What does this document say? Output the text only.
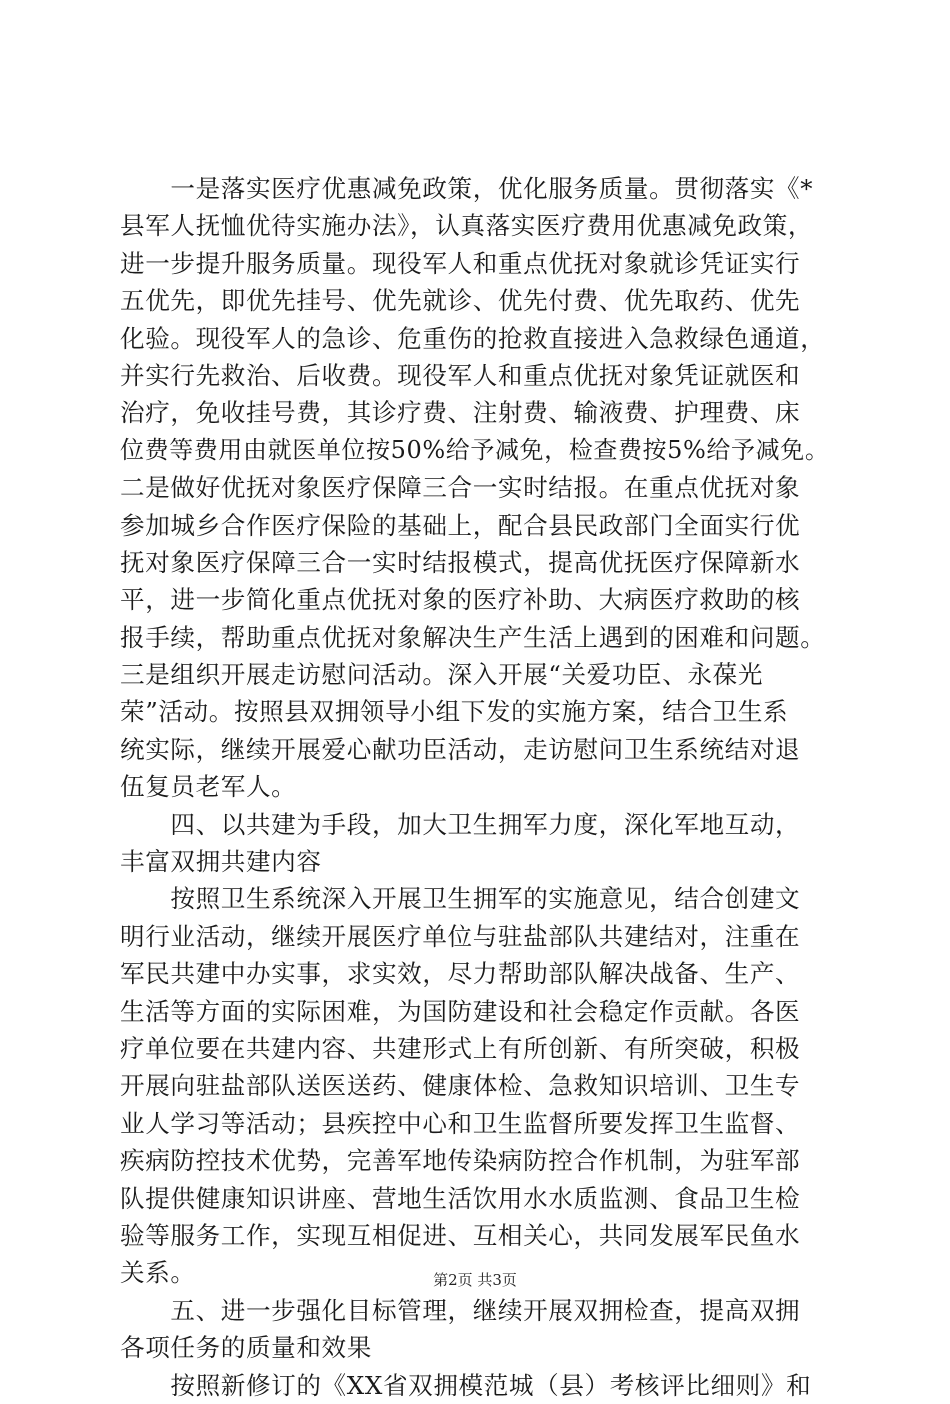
　　一是落实医疗优惠减免政策，优化服务质量。贯彻落实《*
县军人抚恤优待实施办法》，认真落实医疗费用优惠减免政策，
进一步提升服务质量。现役军人和重点优抚对象就诊凭证实行
五优先，即优先挂号、优先就诊、优先付费、优先取药、优先
化验。现役军人的急诊、危重伤的抢救直接进入急救绿色通道，
并实行先救治、后收费。现役军人和重点优抚对象凭证就医和
治疗，免收挂号费，其诊疗费、注射费、输液费、护理费、床
位费等费用由就医单位按50%给予减免，检查费按5%给予减免。
二是做好优抚对象医疗保障三合一实时结报。在重点优抚对象
参加城乡合作医疗保险的基础上，配合县民政部门全面实行优
抚对象医疗保障三合一实时结报模式，提高优抚医疗保障新水
平，进一步简化重点优抚对象的医疗补助、大病医疗救助的核
报手续，帮助重点优抚对象解决生产生活上遇到的困难和问题。
三是组织开展走访慰问活动。深入开展“关爱功臣、永葆光
荣”活动。按照县双拥领导小组下发的实施方案，结合卫生系
统实际，继续开展爱心献功臣活动，走访慰问卫生系统结对退
伍复员老军人。
　　四、以共建为手段，加大卫生拥军力度，深化军地互动，
丰富双拥共建内容
　　按照卫生系统深入开展卫生拥军的实施意见，结合创建文
明行业活动，继续开展医疗单位与驻盐部队共建结对，注重在
军民共建中办实事，求实效，尽力帮助部队解决战备、生产、
生活等方面的实际困难，为国防建设和社会稳定作贡献。各医
疗单位要在共建内容、共建形式上有所创新、有所突破，积极
开展向驻盐部队送医送药、健康体检、急救知识培训、卫生专
业人学习等活动；县疾控中心和卫生监督所要发挥卫生监督、
疾病防控技术优势，完善军地传染病防控合作机制，为驻军部
队提供健康知识讲座、营地生活饮用水水质监测、食品卫生检
验等服务工作，实现互相促进、互相关心，共同发展军民鱼水
关系。
　　五、进一步强化目标管理，继续开展双拥检查，提高双拥
各项任务的质量和效果
　　按照新修订的《XX省双拥模范城（县）考核评比细则》和
第2页 共3页
